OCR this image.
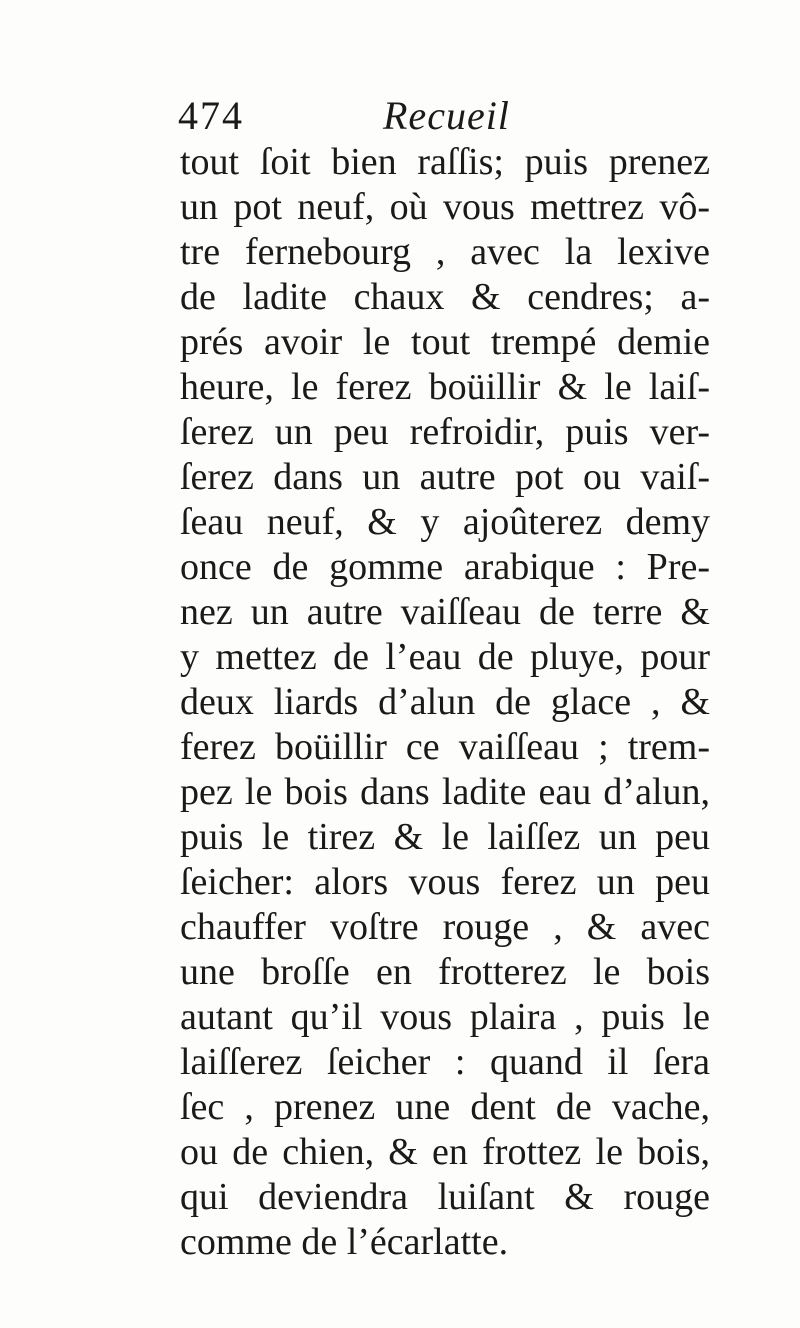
474	Recueil
tout ſoit bien raſſis; puis prenez
un pot neuf, où vous mettrez vô-
tre fernebourg , avec la lexive
de ladite chaux & cendres; a-
prés avoir le tout trempé demie
heure, le ferez boüillir & le laiſ-
ſerez un peu refroidir, puis ver-
ſerez dans un autre pot ou vaiſ-
ſeau neuf, & y ajoûterez demy
once de gomme arabique : Pre-
nez un autre vaiſſeau de terre &
y mettez de l’eau de pluye, pour
deux liards d’alun de glace , &
ferez boüillir ce vaiſſeau ; trem-
pez le bois dans ladite eau d’alun,
puis le tirez & le laiſſez un peu
ſeicher: alors vous ferez un peu
chauffer voſtre rouge , & avec
une broſſe en frotterez le bois
autant qu’il vous plaira , puis le
laiſſerez ſeicher : quand il ſera
ſec , prenez une dent de vache,
ou de chien, & en frottez le bois,
qui deviendra luiſant & rouge
comme de l’écarlatte.
